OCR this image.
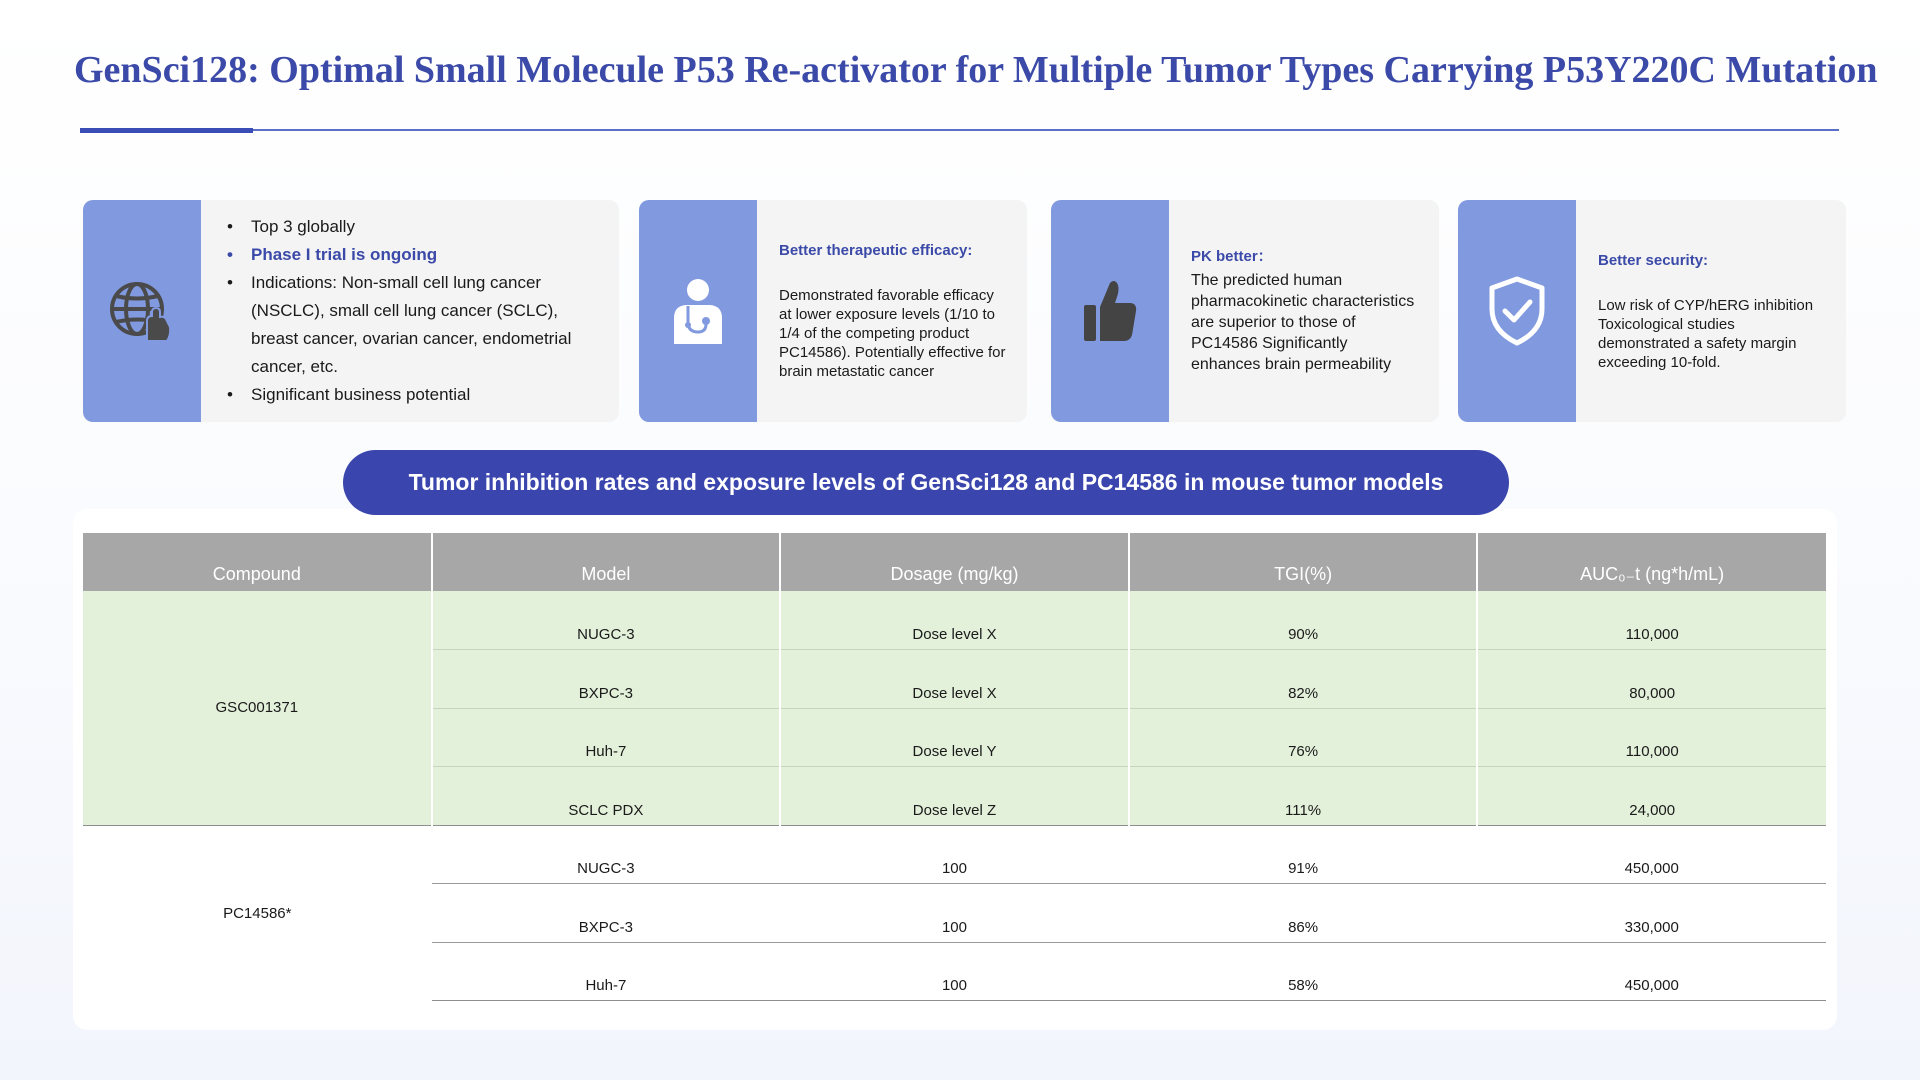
GenSci128: Optimal Small Molecule P53 Re-activator for Multiple Tumor Types Carrying P53Y220C Mutation
• Top 3 globally
• Phase I trial is ongoing
• Indications: Non-small cell lung cancer (NSCLC), small cell lung cancer (SCLC), breast cancer, ovarian cancer, endometrial cancer, etc.
• Significant business potential
Better therapeutic efficacy:
Demonstrated favorable efficacy at lower exposure levels (1/10 to 1/4 of the competing product PC14586). Potentially effective for brain metastatic cancer
PK better：
The predicted human pharmacokinetic characteristics are superior to those of PC14586 Significantly enhances brain permeability
Better security:
Low risk of CYP/hERG inhibition Toxicological studies demonstrated a safety margin exceeding 10-fold.
Tumor inhibition rates and exposure levels of GenSci128 and PC14586 in mouse tumor models
Compound	Model	Dosage (mg/kg)	TGI(%)	AUC₀₋t (ng*h/mL)
GSC001371	NUGC-3	Dose level X	90%	110,000
	BXPC-3	Dose level X	82%	80,000
	Huh-7	Dose level Y	76%	110,000
	SCLC PDX	Dose level Z	111%	24,000
PC14586*	NUGC-3	100	91%	450,000
	BXPC-3	100	86%	330,000
	Huh-7	100	58%	450,000
